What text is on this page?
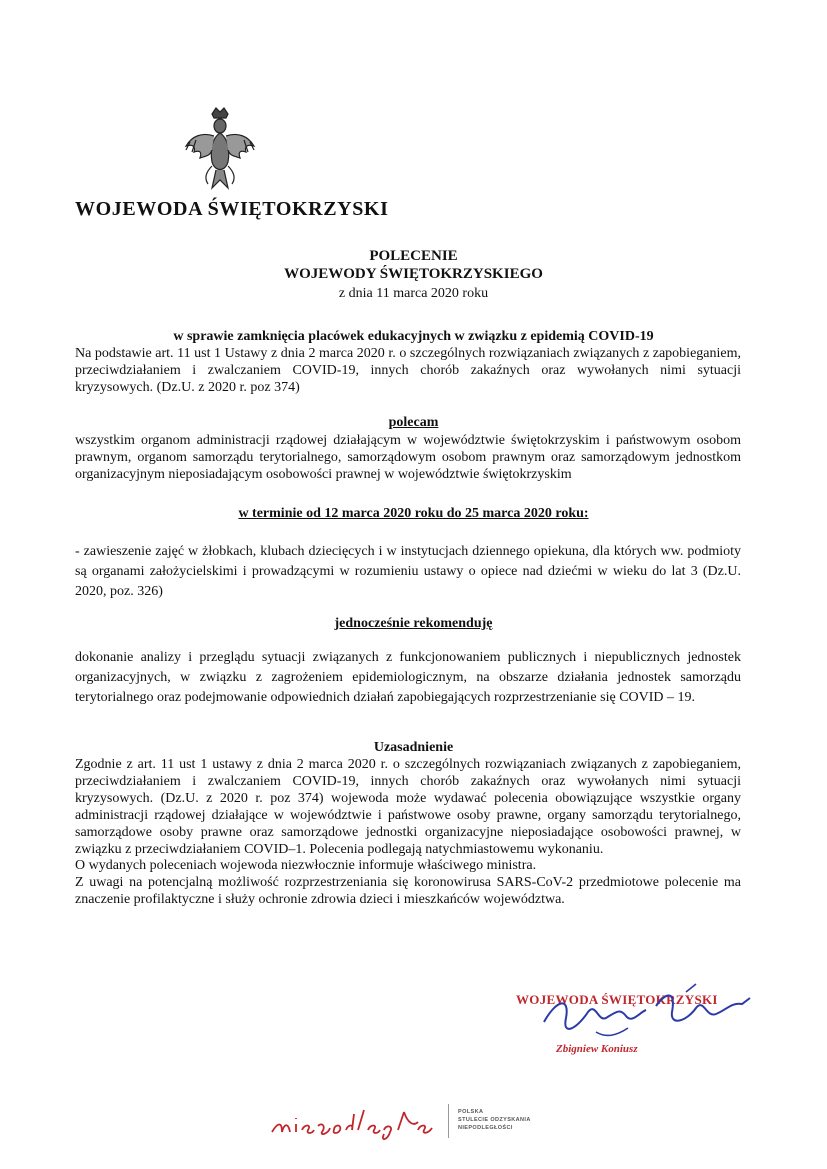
WOJEWODA ŚWIĘTOKRZYSKI
POLECENIE
WOJEWODY ŚWIĘTOKRZYSKIEGO
z dnia 11 marca 2020 roku
w sprawie zamknięcia placówek edukacyjnych w związku z epidemią COVID-19
Na podstawie art. 11 ust 1 Ustawy z dnia 2 marca 2020 r. o szczególnych rozwiązaniach związanych z zapobieganiem, przeciwdziałaniem i zwalczaniem COVID-19, innych chorób zakaźnych oraz wywołanych nimi sytuacji kryzysowych. (Dz.U. z 2020 r. poz 374)
polecam
wszystkim organom administracji rządowej działającym w województwie świętokrzyskim i państwowym osobom prawnym, organom samorządu terytorialnego, samorządowym osobom prawnym oraz samorządowym jednostkom organizacyjnym nieposiadającym osobowości prawnej w województwie świętokrzyskim
w terminie od 12 marca 2020 roku do 25 marca 2020 roku:
- zawieszenie zajęć w żłobkach, klubach dziecięcych i w instytucjach dziennego opiekuna, dla których ww. podmioty są organami założycielskimi i prowadzącymi w rozumieniu ustawy o opiece nad dziećmi w wieku do lat 3 (Dz.U. 2020, poz. 326)
jednocześnie rekomenduję
dokonanie analizy i przeglądu sytuacji związanych z funkcjonowaniem publicznych i niepublicznych jednostek organizacyjnych, w związku z zagrożeniem epidemiologicznym, na obszarze działania jednostek samorządu terytorialnego oraz podejmowanie odpowiednich działań zapobiegających rozprzestrzenianie się COVID – 19.
Uzasadnienie

Zgodnie z art. 11 ust 1 ustawy z dnia 2 marca 2020 r. o szczególnych rozwiązaniach związanych z zapobieganiem, przeciwdziałaniem i zwalczaniem COVID-19, innych chorób zakaźnych oraz wywołanych nimi sytuacji kryzysowych. (Dz.U. z 2020 r. poz 374) wojewoda może wydawać polecenia obowiązujące wszystkie organy administracji rządowej działające w województwie i państwowe osoby prawne, organy samorządu terytorialnego, samorządowe osoby prawne oraz samorządowe jednostki organizacyjne nieposiadające osobowości prawnej, w związku z przeciwdziałaniem COVID–1. Polecenia podlegają natychmiastowemu wykonaniu.

O wydanych poleceniach wojewoda niezwłocznie informuje właściwego ministra.

Z uwagi na potencjalną możliwość rozprzestrzeniania się koronowirusa SARS-CoV-2 przedmiotowe polecenie ma znaczenie profilaktyczne i służy ochronie zdrowia dzieci i mieszkańców województwa.

WOJEWODA ŚWIĘTOKRZYSKI
Zbigniew Koniusz
POLSKA
STULECIE ODZYSKANIA
NIEPODLEGŁOŚCI
